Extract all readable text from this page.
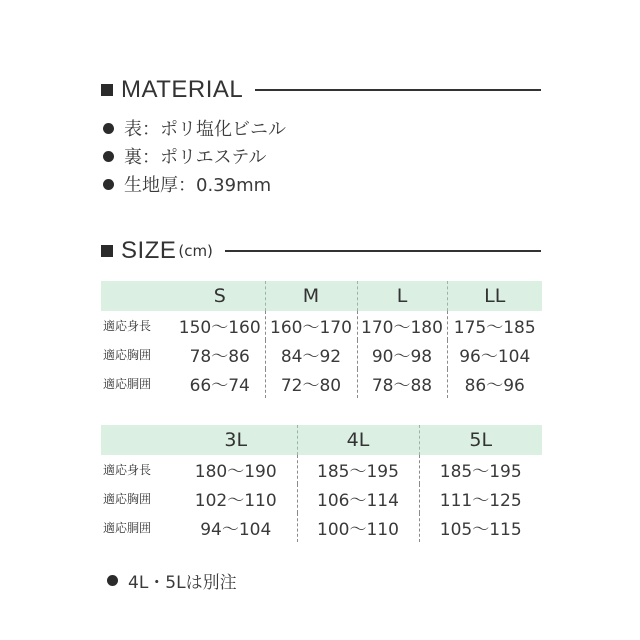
MATERIAL
表：ポリ塩化ビニル
裏：ポリエステル
生地厚：0.39mm
SIZE (cm)
	S	M	L	LL
適応身長	150～160	160～170	170～180	175～185
適応胸囲	78～86	84～92	90～98	96～104
適応胴囲	66～74	72～80	78～88	86～96
	3L	4L	5L
適応身長	180～190	185～195	185～195
適応胸囲	102～110	106～114	111～125
適応胴囲	94～104	100～110	105～115
4L・5Lは別注
